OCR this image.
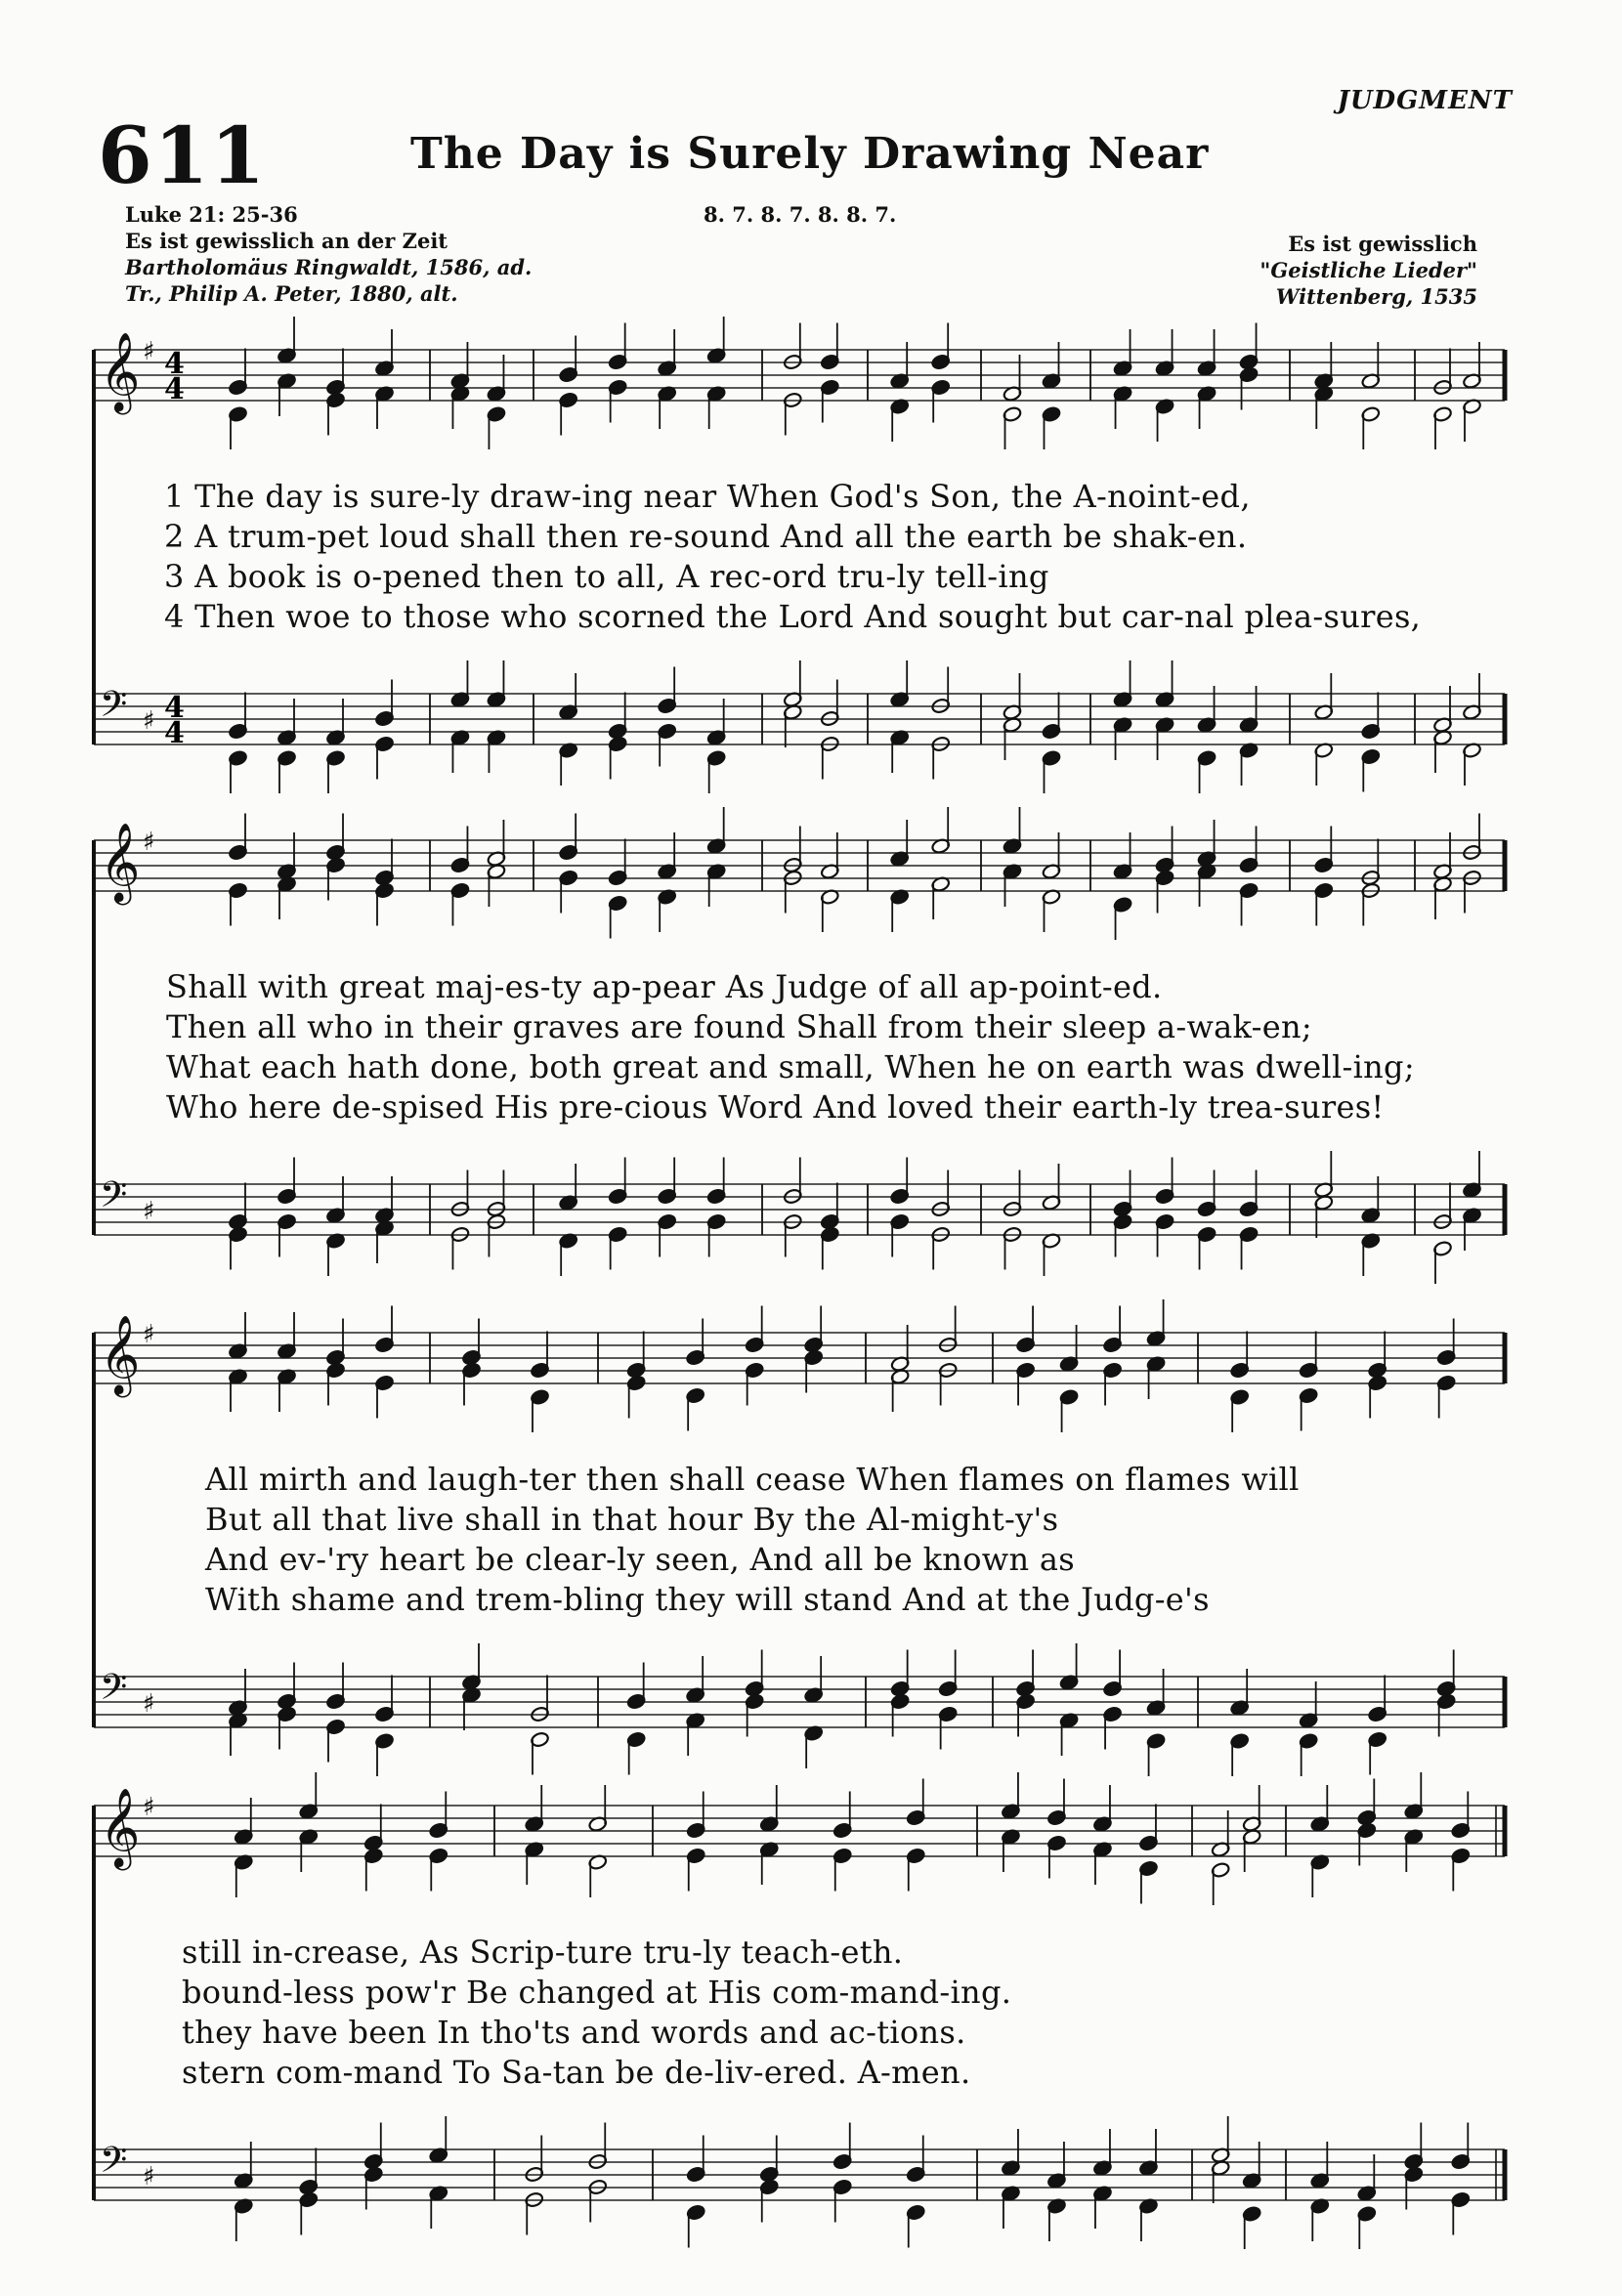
JUDGMENT
611	The Day is Surely Drawing Near
Luke 21: 25-36
Es ist gewisslich an der Zeit
Bartholomäus Ringwaldt, 1586, ad.
Tr., Philip A. Peter, 1880, alt.
8. 7. 8. 7. 8. 8. 7.
Es ist gewisslich
"Geistliche Lieder"
Wittenberg, 1535
𝄞 ♯ 4
4
𝄢 ♯ 4
4
𝄞 ♯
𝄢 ♯
𝄞 ♯
𝄢 ♯
𝄞 ♯
𝄢 ♯
1 The day is sure-ly draw-ing near When God's Son, the A-noint-ed,
2 A trum-pet loud shall then re-sound And all the earth be shak-en.
3 A book is o-pened then to all, A rec-ord tru-ly tell-ing
4 Then woe to those who scorned the Lord And sought but car-nal plea-sures,
Shall with great maj-es-ty ap-pear As Judge of all ap-point-ed.
Then all who in their graves are found Shall from their sleep a-wak-en;
What each hath done, both great and small, When he on earth was dwell-ing;
Who here de-spised His pre-cious Word And loved their earth-ly trea-sures!
All mirth and laugh-ter then shall cease When flames on flames will
But all that live shall in that hour By the Al-might-y's
And ev-'ry heart be clear-ly seen, And all be known as
With shame and trem-bling they will stand And at the Judg-e's
still in-crease, As Scrip-ture tru-ly teach-eth.
bound-less pow'r Be changed at His com-mand-ing.
they have been In tho'ts and words and ac-tions.
stern com-mand To Sa-tan be de-liv-ered. A-men.
